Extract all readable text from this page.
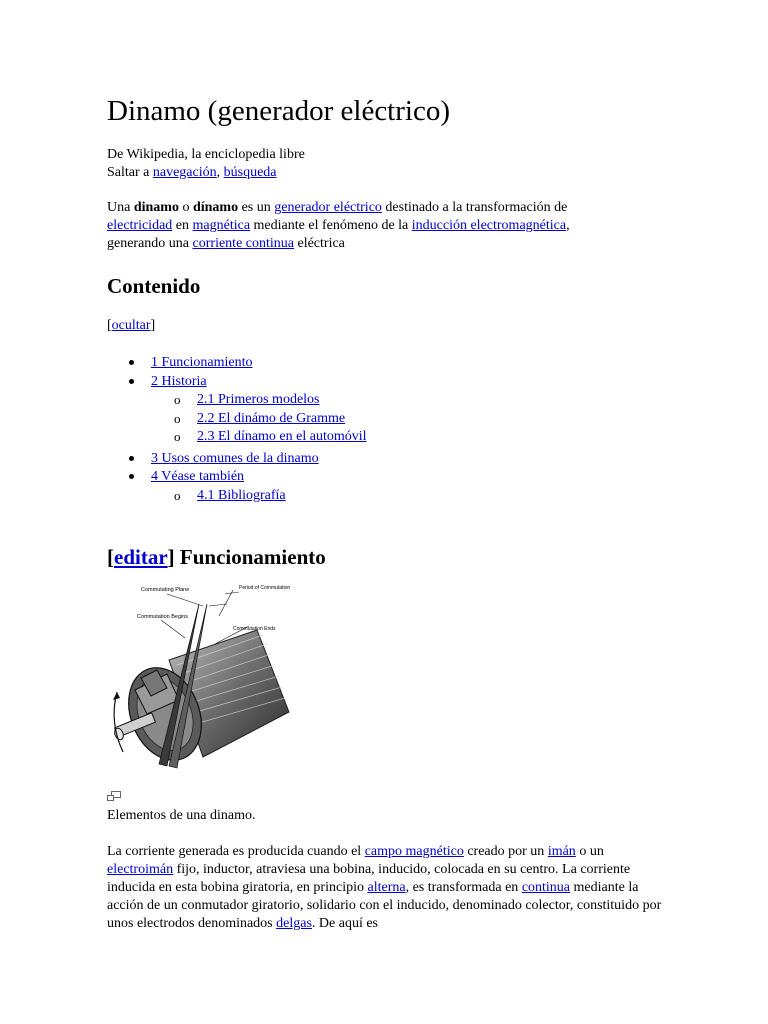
Dinamo (generador eléctrico)
De Wikipedia, la enciclopedia libre
Saltar a navegación, búsqueda
Una dinamo o dínamo es un generador eléctrico destinado a la transformación de electricidad en magnética mediante el fenómeno de la inducción electromagnética, generando una corriente continua eléctrica
Contenido
[ocultar]
1 Funcionamiento
2 Historia
o 2.1 Primeros modelos
o 2.2 El dinámo de Gramme
o 2.3 El dínamo en el automóvil
3 Usos comunes de la dinamo
4 Véase también
o 4.1 Bibliografía
[editar] Funcionamiento
Commutating Plane	Period of Commutation
Commutation Begins
Commutation Ends
Elementos de una dinamo.
La corriente generada es producida cuando el campo magnético creado por un imán o un electroimán fijo, inductor, atraviesa una bobina, inducido, colocada en su centro. La corriente inducida en esta bobina giratoria, en principio alterna, es transformada en continua mediante la acción de un conmutador giratorio, solidario con el inducido, denominado colector, constituido por unos electrodos denominados delgas. De aquí es
